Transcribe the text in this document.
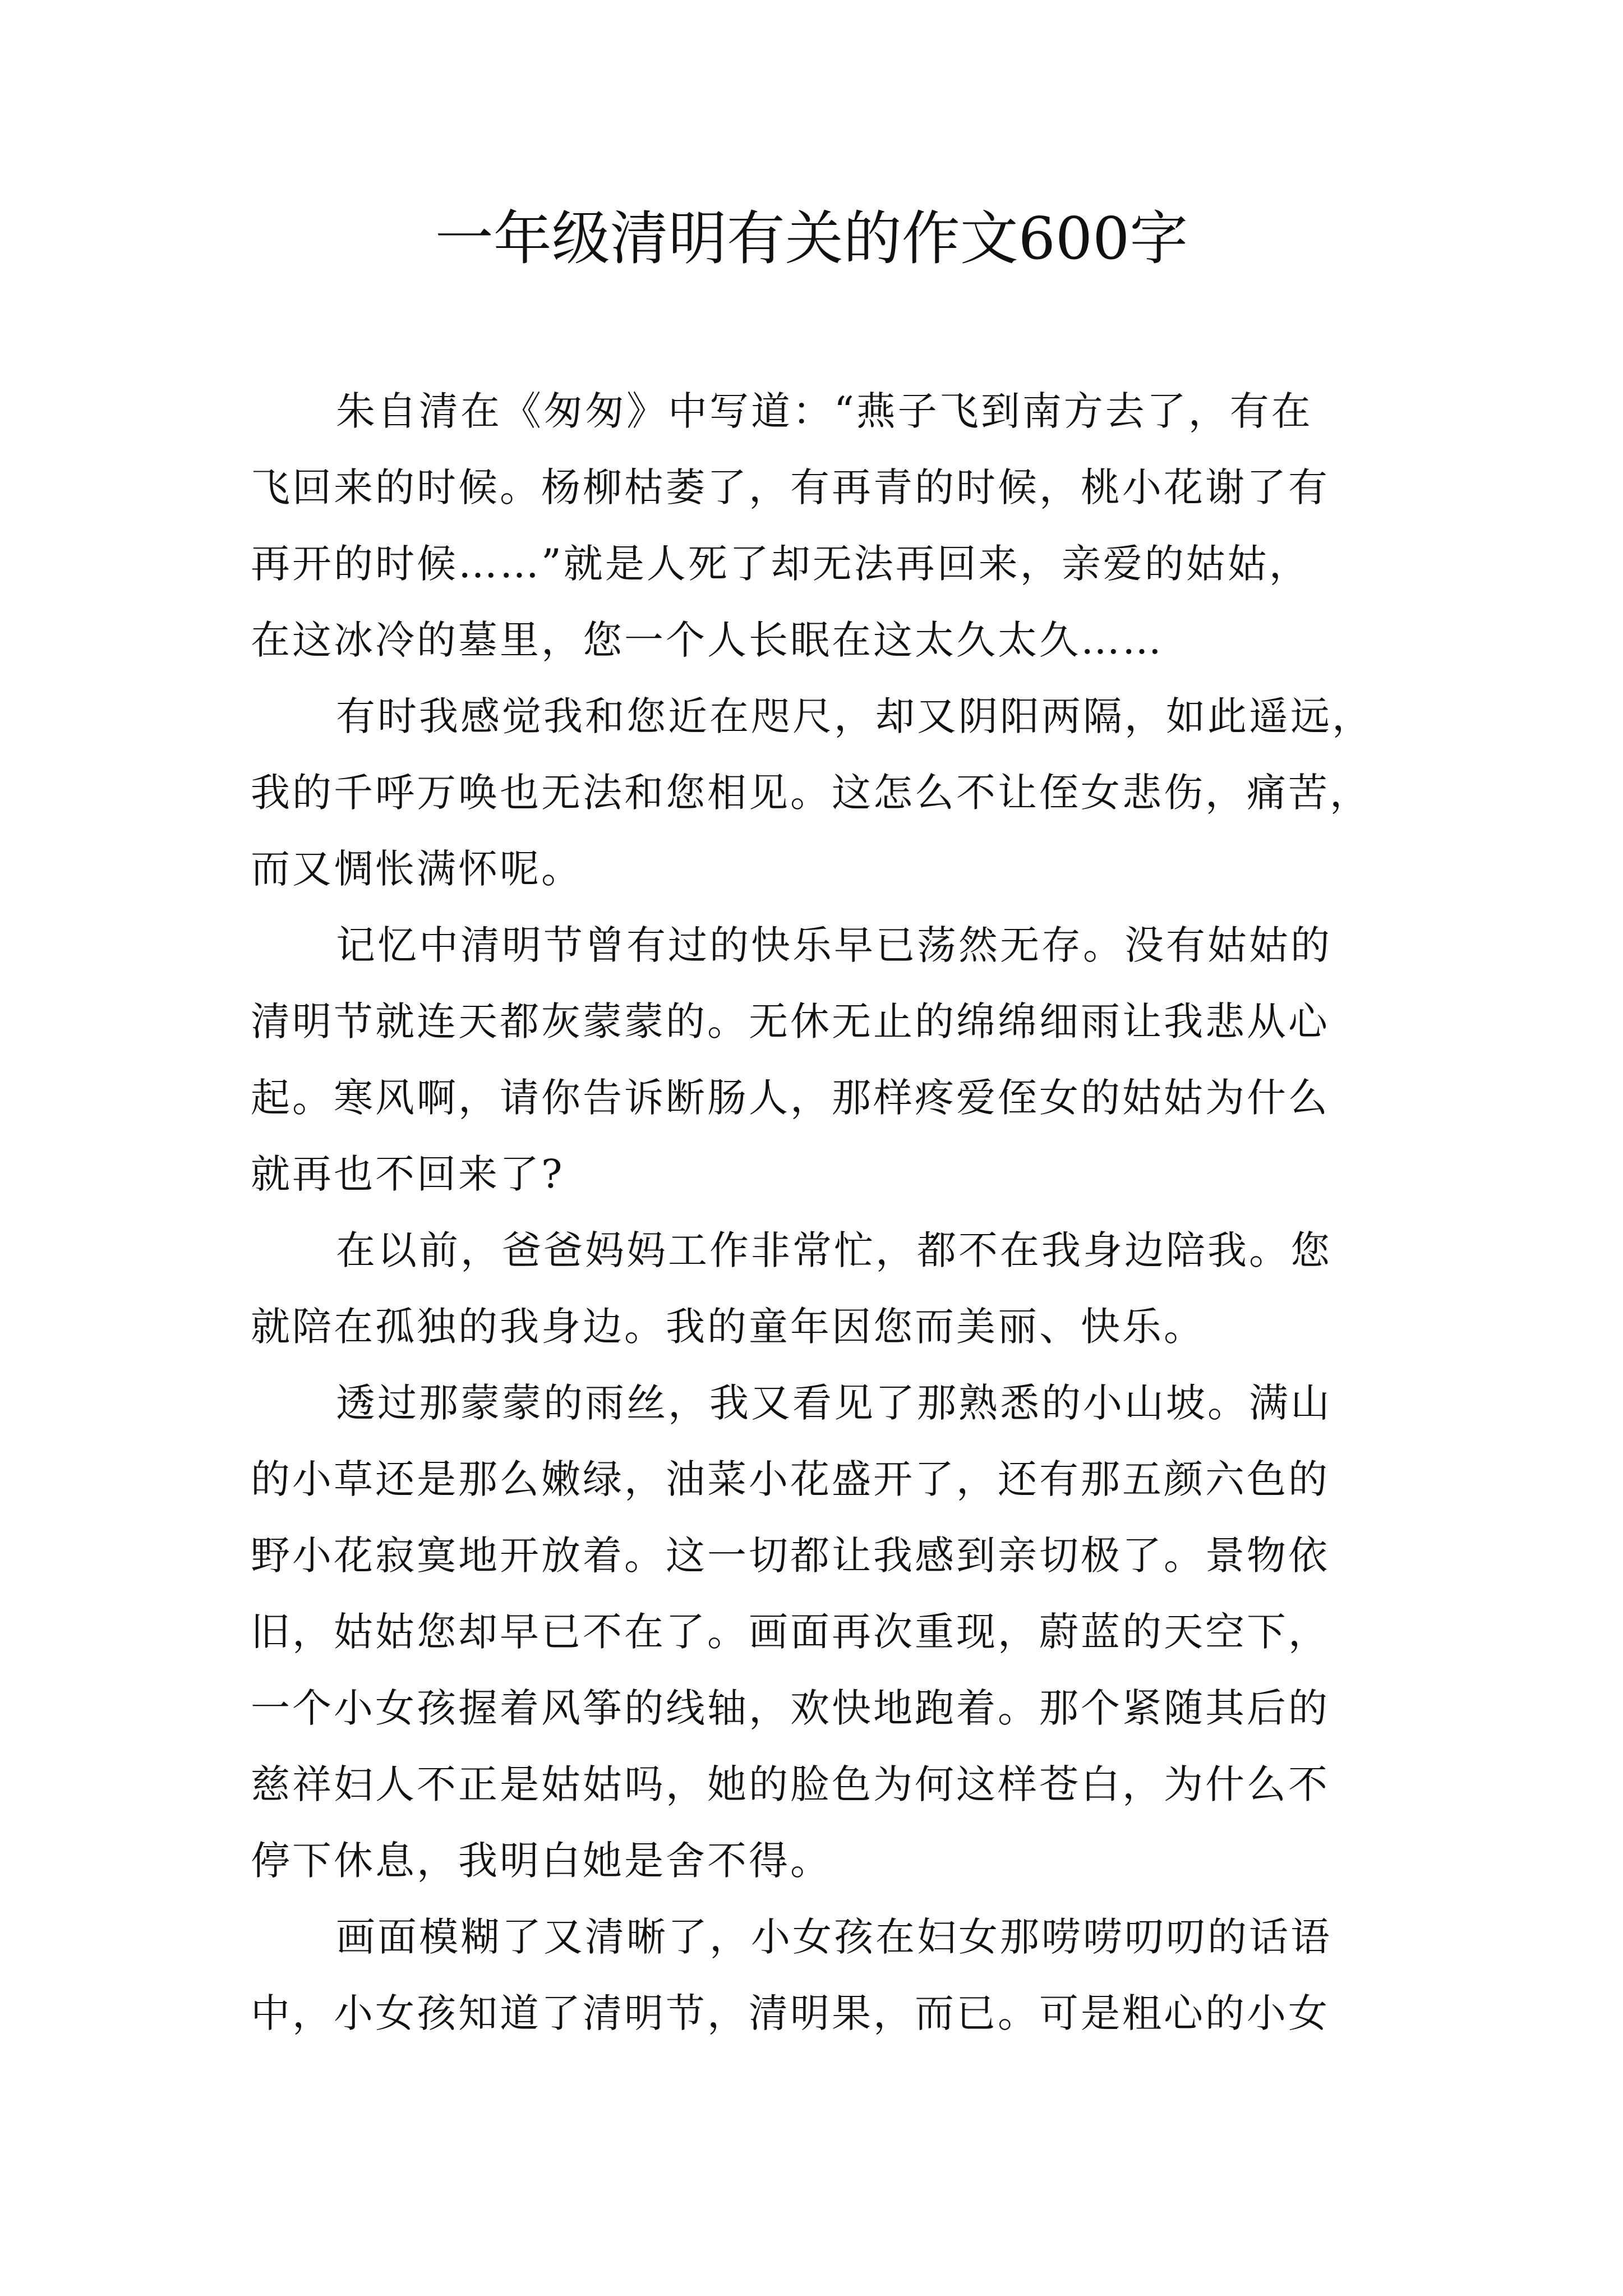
一年级清明有关的作文600字
朱自清在《匆匆》中写道：“燕子飞到南方去了，有在
飞回来的时候。杨柳枯萎了，有再青的时候，桃小花谢了有
再开的时候……”就是人死了却无法再回来，亲爱的姑姑，
在这冰冷的墓里，您一个人长眠在这太久太久……
有时我感觉我和您近在咫尺，却又阴阳两隔，如此遥远，
我的千呼万唤也无法和您相见。这怎么不让侄女悲伤，痛苦，
而又惆怅满怀呢。
记忆中清明节曾有过的快乐早已荡然无存。没有姑姑的
清明节就连天都灰蒙蒙的。无休无止的绵绵细雨让我悲从心
起。寒风啊，请你告诉断肠人，那样疼爱侄女的姑姑为什么
就再也不回来了?
在以前，爸爸妈妈工作非常忙，都不在我身边陪我。您
就陪在孤独的我身边。我的童年因您而美丽、快乐。
透过那蒙蒙的雨丝，我又看见了那熟悉的小山坡。满山
的小草还是那么嫩绿，油菜小花盛开了，还有那五颜六色的
野小花寂寞地开放着。这一切都让我感到亲切极了。景物依
旧，姑姑您却早已不在了。画面再次重现，蔚蓝的天空下，
一个小女孩握着风筝的线轴，欢快地跑着。那个紧随其后的
慈祥妇人不正是姑姑吗，她的脸色为何这样苍白，为什么不
停下休息，我明白她是舍不得。
画面模糊了又清晰了，小女孩在妇女那唠唠叨叨的话语
中，小女孩知道了清明节，清明果，而已。可是粗心的小女
